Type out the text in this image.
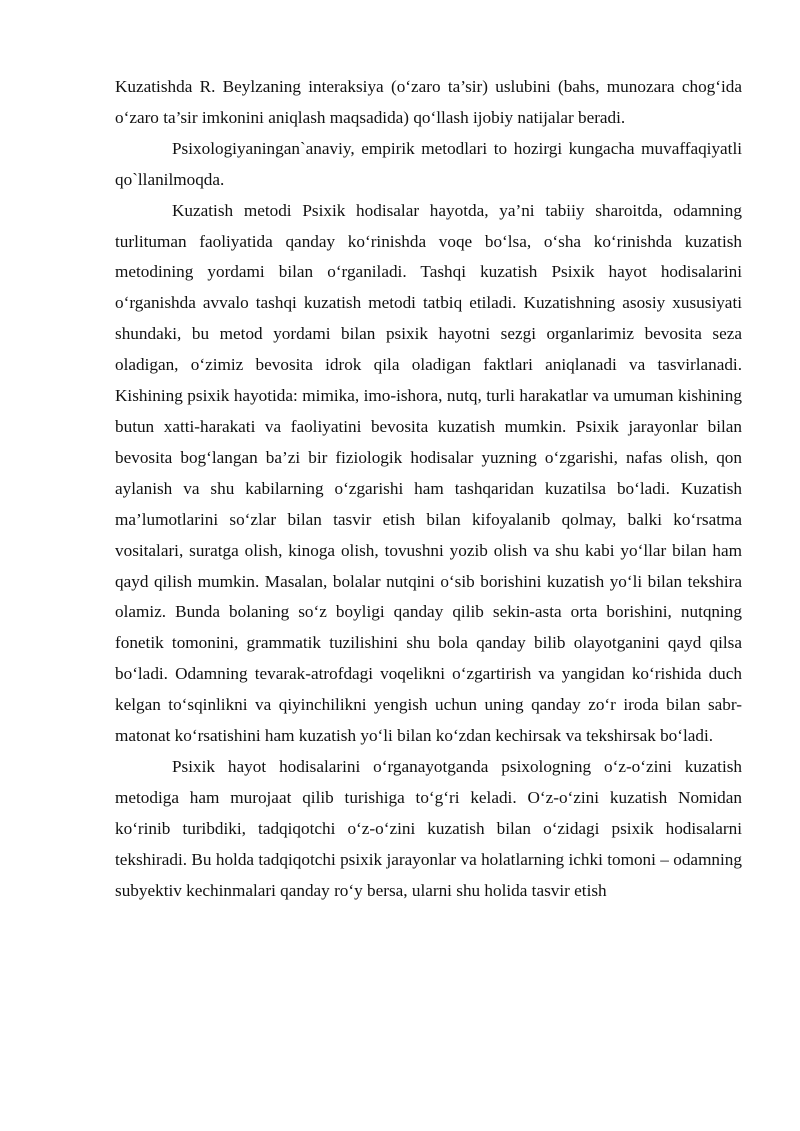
Kuzatishda R. Beylzaning interaksiya (o‘zaro ta’sir) uslubini (bahs, munozara chog‘ida o‘zaro ta’sir imkonini aniqlash maqsadida) qo‘llash ijobiy natijalar beradi.

Psixologiyaningan`anaviy, empirik metodlari to hozirgi kungacha muvaffaqiyatli qo`llanilmoqda.

Kuzatish metodi Psixik hodisalar hayotda, ya’ni tabiiy sharoitda, odamning turlituman faoliyatida qanday ko‘rinishda voqe bo‘lsa, o‘sha ko‘rinishda kuzatish metodining yordami bilan o‘rganiladi. Tashqi kuzatish Psixik hayot hodisalarini o‘rganishda avvalo tashqi kuzatish metodi tatbiq etiladi. Kuzatishning asosiy xususiyati shundaki, bu metod yordami bilan psixik hayotni sezgi organlarimiz bevosita seza oladigan, o‘zimiz bevosita idrok qila oladigan faktlari aniqlanadi va tasvirlanadi. Kishining psixik hayotida: mimika, imo-ishora, nutq, turli harakatlar va umuman kishining butun xatti-harakati va faoliyatini bevosita kuzatish mumkin. Psixik jarayonlar bilan bevosita bog‘langan ba’zi bir fiziologik hodisalar yuzning o‘zgarishi, nafas olish, qon aylanish va shu kabilarning o‘zgarishi ham tashqaridan kuzatilsa bo‘ladi. Kuzatish ma’lumotlarini so‘zlar bilan tasvir etish bilan kifoyalanib qolmay, balki ko‘rsatma vositalari, suratga olish, kinoga olish, tovushni yozib olish va shu kabi yo‘llar bilan ham qayd qilish mumkin. Masalan, bolalar nutqini o‘sib borishini kuzatish yo‘li bilan tekshira olamiz. Bunda bolaning so‘z boyligi qanday qilib sekin-asta orta borishini, nutqning fonetik tomonini, grammatik tuzilishini shu bola qanday bilib olayotganini qayd qilsa bo‘ladi. Odamning tevarak-atrofdagi voqelikni o‘zgartirish va yangidan ko‘rishida duch kelgan to‘sqinlikni va qiyinchilikni yengish uchun uning qanday zo‘r iroda bilan sabr-matonat ko‘rsatishini ham kuzatish yo‘li bilan ko‘zdan kechirsak va tekshirsak bo‘ladi.

Psixik hayot hodisalarini o‘rganayotganda psixologning o‘z-o‘zini kuzatish metodiga ham murojaat qilib turishiga to‘g‘ri keladi. O‘z-o‘zini kuzatish Nomidan ko‘rinib turibdiki, tadqiqotchi o‘z-o‘zini kuzatish bilan o‘zidagi psixik hodisalarni tekshiradi. Bu holda tadqiqotchi psixik jarayonlar va holatlarning ichki tomoni – odamning subyektiv kechinmalari qanday ro‘y bersa, ularni shu holida tasvir etish
